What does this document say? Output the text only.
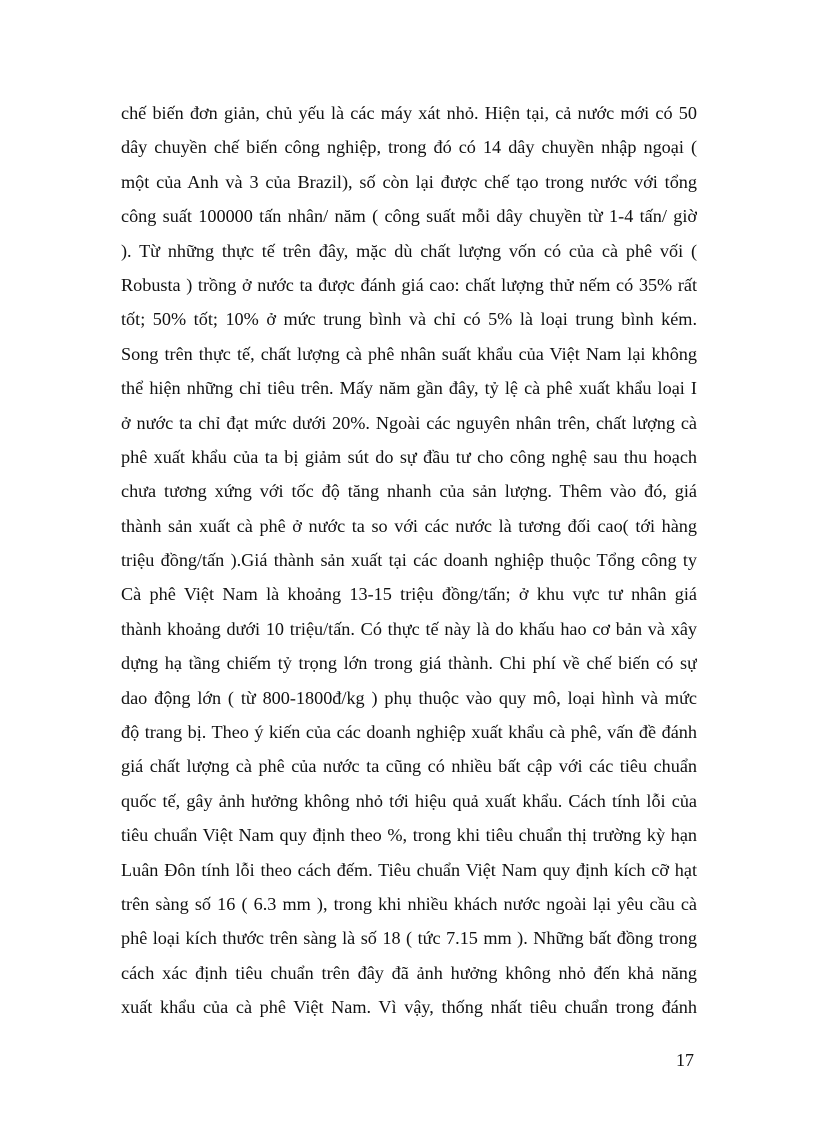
chế biến đơn giản, chủ yếu là các máy xát nhỏ. Hiện tại, cả nước mới có 50
dây chuyền chế biến công nghiệp, trong đó có 14 dây chuyền nhập ngoại (
một của Anh và 3 của Brazil), số còn lại được chế tạo trong nước với tổng
công suất 100000 tấn nhân/ năm ( công suất mỗi dây chuyền từ 1-4 tấn/ giờ
). Từ những thực tế trên đây, mặc dù chất lượng vốn có của cà phê vối (
Robusta ) trồng ở nước ta được đánh giá cao: chất lượng thử nếm có 35% rất
tốt; 50% tốt; 10% ở mức trung bình và chỉ có 5% là loại trung bình kém.
Song trên thực tế, chất lượng cà phê nhân suất khẩu của Việt Nam lại không
thể hiện những chỉ tiêu trên. Mấy năm gần đây, tỷ lệ cà phê xuất khẩu loại I
ở nước ta chỉ đạt mức dưới 20%. Ngoài các nguyên nhân trên, chất lượng cà
phê xuất khẩu của ta bị giảm sút do sự đầu tư cho công nghệ sau thu hoạch
chưa tương xứng với tốc độ tăng nhanh của sản lượng. Thêm vào đó, giá
thành sản xuất cà phê ở nước ta so với các nước là tương đối cao( tới hàng
triệu đồng/tấn ).Giá thành sản xuất tại các doanh nghiệp thuộc Tổng công ty
Cà phê Việt Nam là khoảng 13-15 triệu đồng/tấn; ở khu vực tư nhân giá
thành khoảng dưới 10 triệu/tấn. Có thực tế này là do khấu hao cơ bản và xây
dựng hạ tầng chiếm tỷ trọng lớn trong giá thành. Chi phí về chế biến có sự
dao động lớn ( từ 800-1800đ/kg ) phụ thuộc vào quy mô, loại hình và mức
độ trang bị. Theo ý kiến của các doanh nghiệp xuất khẩu cà phê, vấn đề đánh
giá chất lượng cà phê của nước ta cũng có nhiều bất cập với các tiêu chuẩn
quốc tế, gây ảnh hưởng không nhỏ tới hiệu quả xuất khẩu. Cách tính lỗi của
tiêu chuẩn Việt Nam quy định theo %, trong khi tiêu chuẩn thị trường kỳ hạn
Luân Đôn tính lỗi theo cách đếm. Tiêu chuẩn Việt Nam quy định kích cỡ hạt
trên sàng số 16 ( 6.3 mm ), trong khi nhiều khách nước ngoài lại yêu cầu cà
phê loại kích thước trên sàng là số 18 ( tức 7.15 mm ). Những bất đồng trong
cách xác định tiêu chuẩn trên đây đã ảnh hưởng không nhỏ đến khả năng
xuất khẩu của cà phê Việt Nam. Vì vậy, thống nhất tiêu chuẩn trong đánh
17
